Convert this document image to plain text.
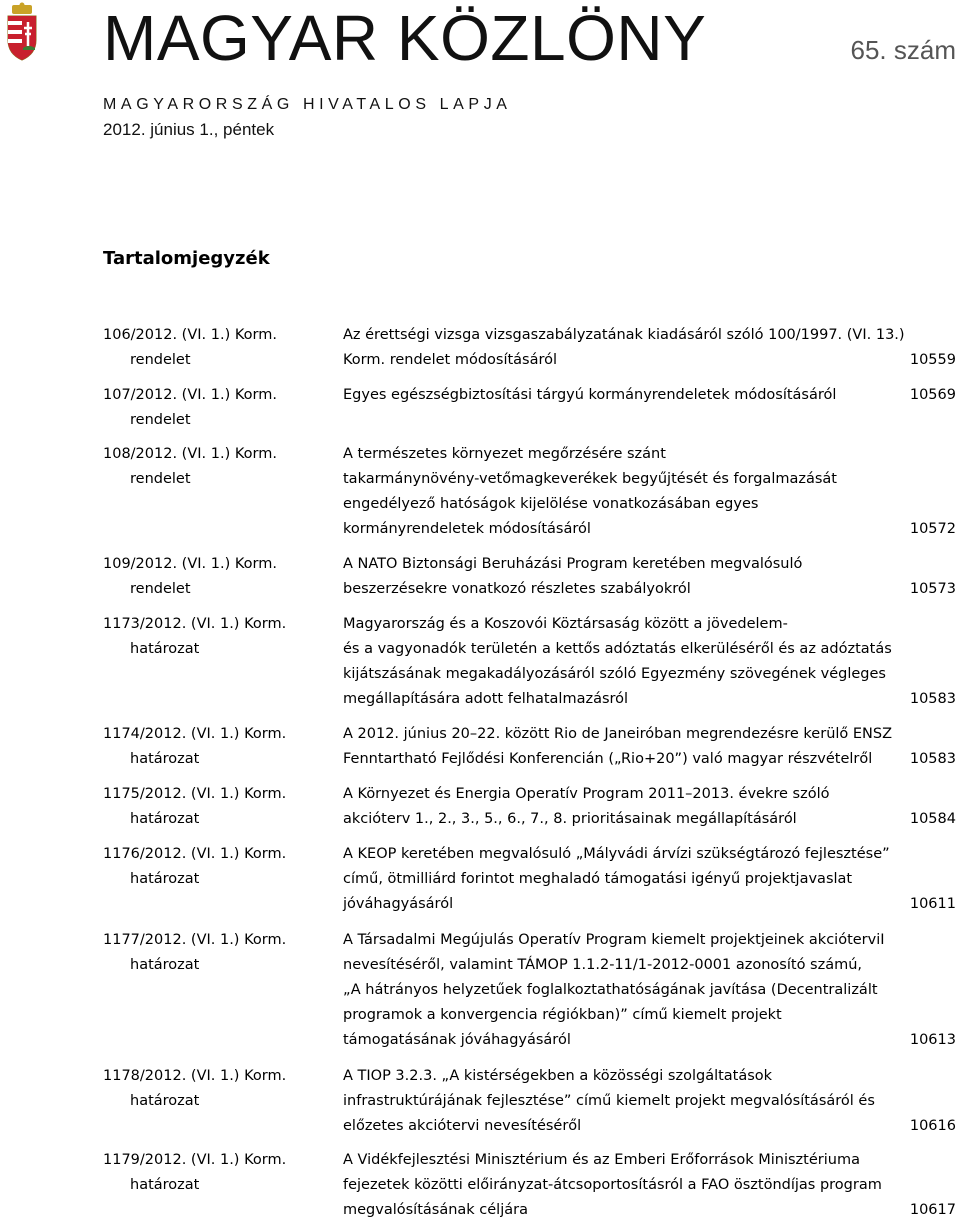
MAGYAR KÖZLÖNY	65. szám
MAGYARORSZÁG HIVATALOS LAPJA
2012. június 1., péntek
Tartalomjegyzék
106/2012. (VI. 1.) Korm.
rendelet
Az érettségi vizsga vizsgaszabályzatának kiadásáról szóló 100/1997. (VI. 13.)
Korm. rendelet módosításáról	10559
107/2012. (VI. 1.) Korm.
rendelet
Egyes egészségbiztosítási tárgyú kormányrendeletek módosításáról	10569
108/2012. (VI. 1.) Korm.
rendelet
A természetes környezet megőrzésére szánt
takarmánynövény-vetőmagkeverékek begyűjtését és forgalmazását
engedélyező hatóságok kijelölése vonatkozásában egyes
kormányrendeletek módosításáról	10572
109/2012. (VI. 1.) Korm.
rendelet
A NATO Biztonsági Beruházási Program keretében megvalósuló
beszerzésekre vonatkozó részletes szabályokról	10573
1173/2012. (VI. 1.) Korm.
határozat
Magyarország és a Koszovói Köztársaság között a jövedelem-
és a vagyonadók területén a kettős adóztatás elkerüléséről és az adóztatás
kijátszásának megakadályozásáról szóló Egyezmény szövegének végleges
megállapítására adott felhatalmazásról	10583
1174/2012. (VI. 1.) Korm.
határozat
A 2012. június 20–22. között Rio de Janeiróban megrendezésre kerülő ENSZ
Fenntartható Fejlődési Konferencián („Rio+20”) való magyar részvételről	10583
1175/2012. (VI. 1.) Korm.
határozat
A Környezet és Energia Operatív Program 2011–2013. évekre szóló
akcióterv 1., 2., 3., 5., 6., 7., 8. prioritásainak megállapításáról	10584
1176/2012. (VI. 1.) Korm.
határozat
A KEOP keretében megvalósuló „Mályvádi árvízi szükségtározó fejlesztése”
című, ötmilliárd forintot meghaladó támogatási igényű projektjavaslat
jóváhagyásáról	10611
1177/2012. (VI. 1.) Korm.
határozat
A Társadalmi Megújulás Operatív Program kiemelt projektjeinek akcióterviI
nevesítéséről, valamint TÁMOP 1.1.2-11/1-2012-0001 azonosító számú,
„A hátrányos helyzetűek foglalkoztathatóságának javítása (Decentralizált
programok a konvergencia régiókban)” című kiemelt projekt
támogatásának jóváhagyásáról	10613
1178/2012. (VI. 1.) Korm.
határozat
A TIOP 3.2.3. „A kistérségekben a közösségi szolgáltatások
infrastruktúrájának fejlesztése” című kiemelt projekt megvalósításáról és
előzetes akciótervi nevesítéséről	10616
1179/2012. (VI. 1.) Korm.
határozat
A Vidékfejlesztési Minisztérium és az Emberi Erőforrások Minisztériuma
fejezetek közötti előirányzat-átcsoportosításról a FAO ösztöndíjas program
megvalósításának céljára	10617
